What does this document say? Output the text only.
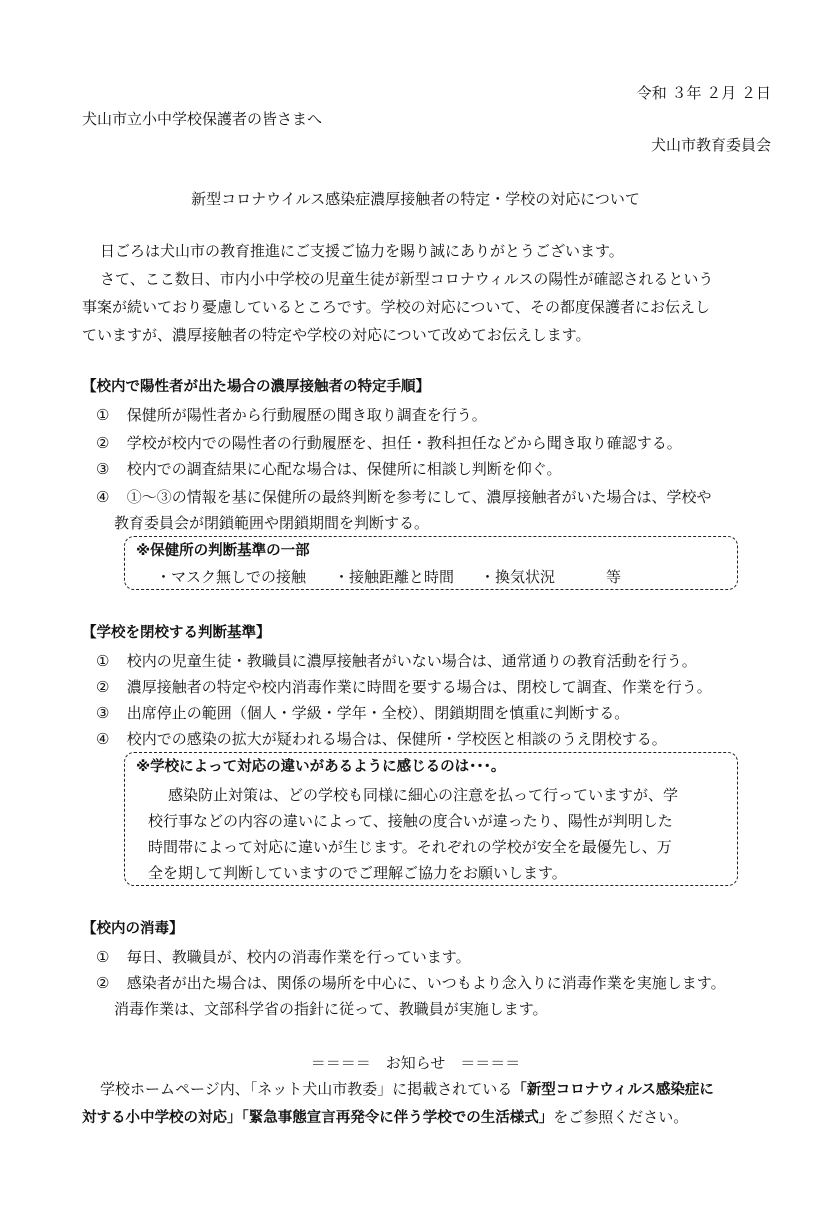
令和 ３年 ２月 ２日
犬山市立小中学校保護者の皆さまへ
犬山市教育委員会
新型コロナウイルス感染症濃厚接触者の特定・学校の対応について
日ごろは犬山市の教育推進にご支援ご協力を賜り誠にありがとうございます。
さて、ここ数日、市内小中学校の児童生徒が新型コロナウィルスの陽性が確認されるという
事案が続いており憂慮しているところです。学校の対応について、その都度保護者にお伝えし
ていますが、濃厚接触者の特定や学校の対応について改めてお伝えします。
【校内で陽性者が出た場合の濃厚接触者の特定手順】
① 保健所が陽性者から行動履歴の聞き取り調査を行う。
② 学校が校内での陽性者の行動履歴を、担任・教科担任などから聞き取り確認する。
③ 校内での調査結果に心配な場合は、保健所に相談し判断を仰ぐ。
④ ①～③の情報を基に保健所の最終判断を参考にして、濃厚接触者がいた場合は、学校や
教育委員会が閉鎖範囲や閉鎖期間を判断する。
※保健所の判断基準の一部
・マスク無しでの接触 ・接触距離と時間 ・換気状況	等
【学校を閉校する判断基準】
① 校内の児童生徒・教職員に濃厚接触者がいない場合は、通常通りの教育活動を行う。
② 濃厚接触者の特定や校内消毒作業に時間を要する場合は、閉校して調査、作業を行う。
③ 出席停止の範囲（個人・学級・学年・全校）、閉鎖期間を慎重に判断する。
④ 校内での感染の拡大が疑われる場合は、保健所・学校医と相談のうえ閉校する。
※学校によって対応の違いがあるように感じるのは･･･。
感染防止対策は、どの学校も同様に細心の注意を払って行っていますが、学
校行事などの内容の違いによって、接触の度合いが違ったり、陽性が判明した
時間帯によって対応に違いが生じます。それぞれの学校が安全を最優先し、万
全を期して判断していますのでご理解ご協力をお願いします。
【校内の消毒】
① 毎日、教職員が、校内の消毒作業を行っています。
② 感染者が出た場合は、関係の場所を中心に、いつもより念入りに消毒作業を実施します。
消毒作業は、文部科学省の指針に従って、教職員が実施します。
＝＝＝＝　お知らせ　＝＝＝＝
学校ホームページ内、「ネット犬山市教委」に掲載されている「新型コロナウィルス感染症に
対する小中学校の対応」「緊急事態宣言再発令に伴う学校での生活様式」をご参照ください。
